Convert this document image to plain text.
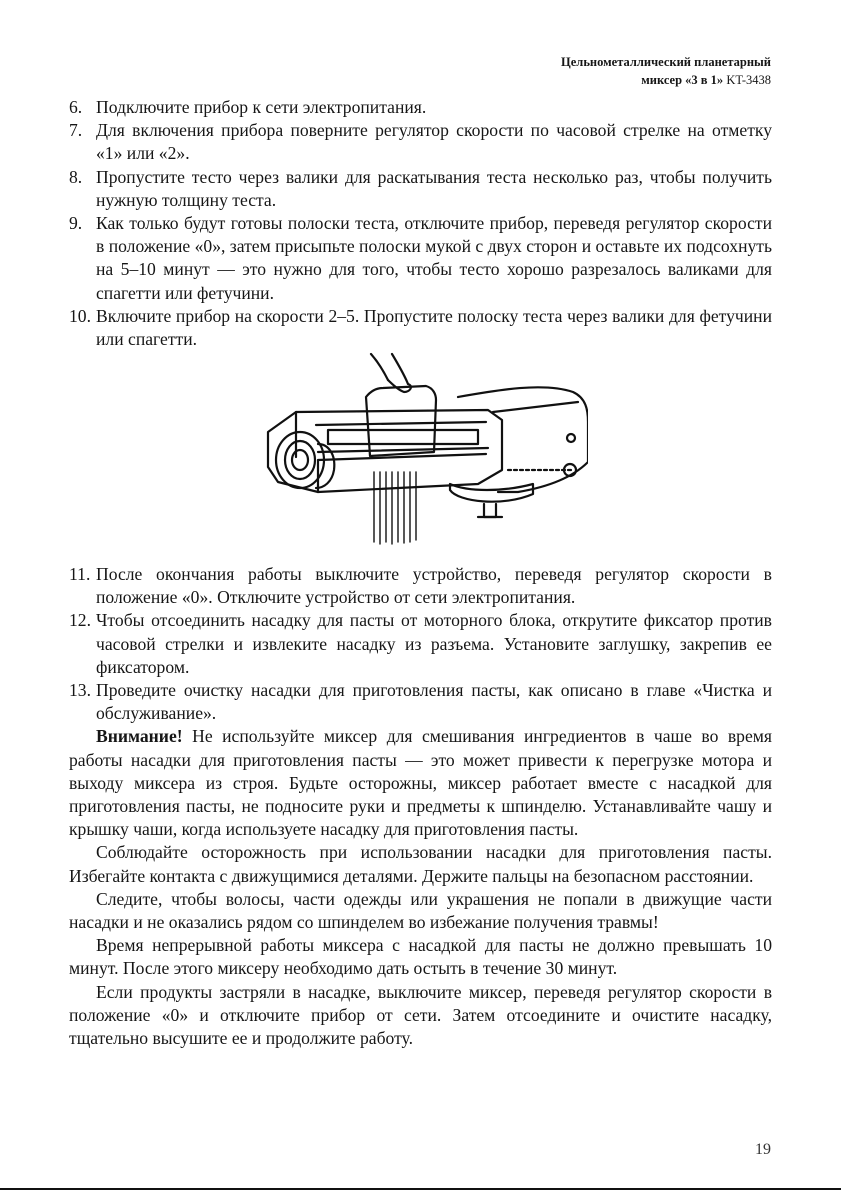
Цельнометаллический планетарный
миксер «3 в 1» KT-3438
6. Подключите прибор к сети электропитания.
7. Для включения прибора поверните регулятор скорости по часовой стрелке на отметку «1» или «2».
8. Пропустите тесто через валики для раскатывания теста несколько раз, чтобы получить нужную толщину теста.
9. Как только будут готовы полоски теста, отключите прибор, переведя регулятор скорости в положение «0», затем присыпьте полоски мукой с двух сторон и оставьте их подсохнуть на 5–10 минут — это нужно для того, чтобы тесто хорошо разрезалось валиками для спагетти или фетучини.
10. Включите прибор на скорости 2–5. Пропустите полоску теста через валики для фетучини или спагетти.
11. После окончания работы выключите устройство, переведя регулятор скорости в положение «0». Отключите устройство от сети электропитания.
12. Чтобы отсоединить насадку для пасты от моторного блока, открутите фиксатор против часовой стрелки и извлеките насадку из разъема. Установите заглушку, закрепив ее фиксатором.
13. Проведите очистку насадки для приготовления пасты, как описано в главе «Чистка и обслуживание».
Внимание! Не используйте миксер для смешивания ингредиентов в чаше во время работы насадки для приготовления пасты — это может привести к перегрузке мотора и выходу миксера из строя. Будьте осторожны, миксер работает вместе с насадкой для приготовления пасты, не подносите руки и предметы к шпинделю. Устанавливайте чашу и крышку чаши, когда используете насадку для приготовления пасты.
Соблюдайте осторожность при использовании насадки для приготовления пасты. Избегайте контакта с движущимися деталями. Держите пальцы на безопасном расстоянии.
Следите, чтобы волосы, части одежды или украшения не попали в движущие части насадки и не оказались рядом со шпинделем во избежание получения травмы!
Время непрерывной работы миксера с насадкой для пасты не должно превышать 10 минут. После этого миксеру необходимо дать остыть в течение 30 минут.
Если продукты застряли в насадке, выключите миксер, переведя регулятор скорости в положение «0» и отключите прибор от сети. Затем отсоедините и очистите насадку, тщательно высушите ее и продолжите работу.
19
